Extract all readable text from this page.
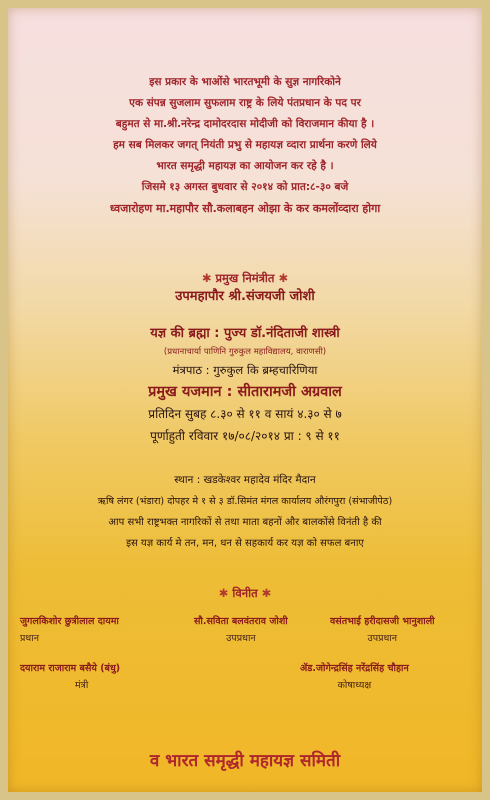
इस प्रकार के भाओंसे भारतभूमी के सुज्ञ नागरिकोने
एक संपन्न सुजलाम सुफलाम राष्ट्र के लिये पंतप्रधान के पद पर
बहुमत से मा.श्री.नरेन्द्र दामोदरदास मोदीजी को विराजमान कीया है ।
हम सब मिलकर जगत् नियंती प्रभु से महायज्ञ व्दारा प्रार्थना करणे लिये
भारत समृद्धी महायज्ञ का आयोजन कर रहे है ।
जिसमे १३ अगस्त बुधवार से २०१४ को प्रात:८-३० बजे
ध्वजारोहण मा.महापौर सौ.कलाबहन ओझा के कर कमलोंव्दारा होगा
✱ प्रमुख निमंत्रीत ✱
उपमहापौर श्री.संजयजी जोशी
यज्ञ की ब्रह्मा : पुज्य डॉ.नंदिताजी शास्त्री
(प्रधानाचार्या पाणिनि गुरुकुल महाविद्यालय, वाराणसी)
मंत्रपाठ : गुरुकुल कि ब्रम्हचारिणिया
प्रमुख यजमान : सीतारामजी अग्रवाल
प्रतिदिन सुबह ८.३० से ११ व सायं ४.३० से ७
पूर्णाहुती रविवार १७/०८/२०१४ प्रा : ९ से ११
स्थान : खडकेश्वर महादेव मंदिर मैदान
ऋषि लंगर (भंडारा) दोपहर मे १ से ३ डॉ.सिमंत मंगल कार्यालय औरंगपुरा (संभाजीपेठ)
आप सभी राष्ट्रभक्त नागरिकों से तथा माता बहनों और बालकोंसे विनंती है की
इस यज्ञ कार्य मे तन, मन, धन से सहकार्य कर यज्ञ को सफल बनाए
✱ विनीत ✱
जुगलकिशोर छुत्रीलाल दायमा
प्रधान
सौ.सविता बलवंतराव जोशी
उपप्रधान
वसंतभाई हरीदासजी भानुशाली
उपप्रधान
दयाराम राजाराम बसैये (बंधु)
मंत्री
ॲड.जोगेन्द्रसिंह नरेंद्रसिंह चौहान
कोषाध्यक्ष
व भारत समृद्धी महायज्ञ समिती
